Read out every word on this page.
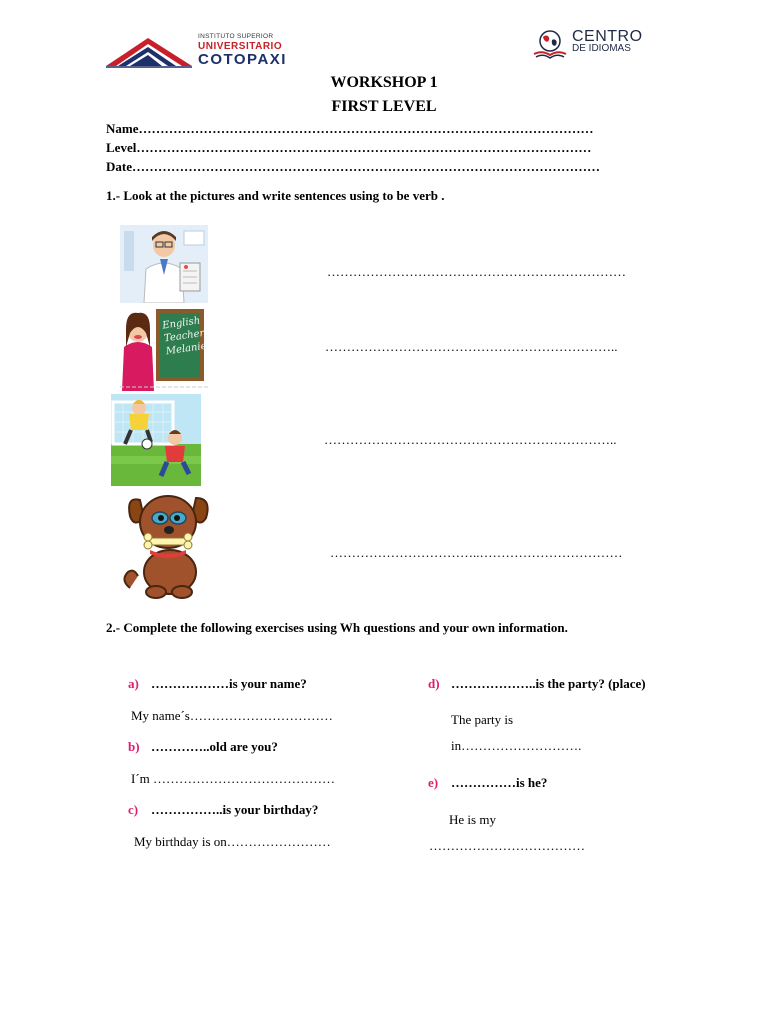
INSTITUTO SUPERIOR
UNIVERSITARIO
COTOPAXI
CENTRO
DE IDIOMAS
WORKSHOP 1
FIRST LEVEL
Name……………………………………………………………………………………………
Level……………………………………………………………………………………………
Date………………………………………………………………………………………………
1.- Look at the pictures and write sentences using to be verb .
……………………………………………………………
English
Teacher
Melanie	…………………………………………………………..
…………………………………………………………..
……………………………..……………………………
2.- Complete the following exercises using Wh questions and your own information.
a) ………………is your name?
My name´s……………………………
b) …………..old are you?
I´m ……………………………………
c) ……………..is your birthday?
My birthday is on……………………
d) ………………..is the party? (place)
The party is
in……………………….
e) ……………is he?
He is my
………………………………
